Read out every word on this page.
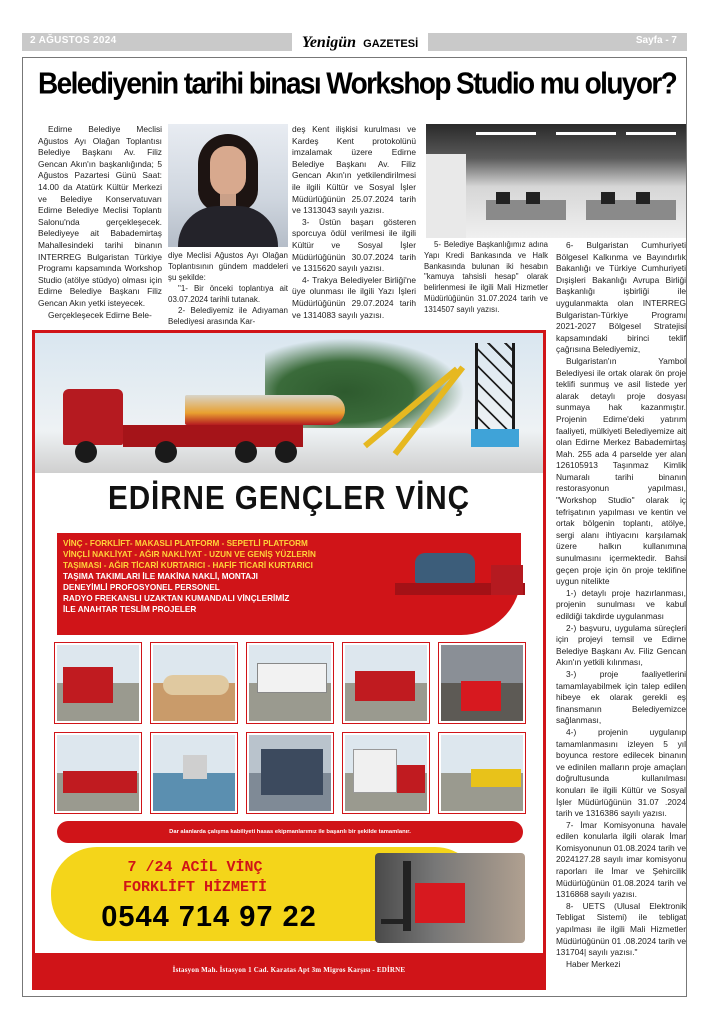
2 AĞUSTOS 2024	Sayfa - 7
Yenigün GAZETESİ
Belediyenin tarihi binası Workshop Studio mu oluyor?

Edirne Belediye Meclisi Ağustos Ayı Olağan Toplantısı Belediye Başkanı Av. Filiz Gencan Akın'ın başkanlığında; 5 Ağustos Pazartesi Günü Saat: 14.00 da Atatürk Kültür Merkezi ve Belediye Konservatuvarı Edirne Belediye Meclisi Toplantı Salonu'nda gerçekleşecek. Belediyeye ait Babademirtaş Mahallesindeki tarihi binanın INTERREG Bulgaristan Türkiye Programı kapsamında Workshop Studio (atölye stüdyo) olması için Edirne Belediye Başkanı Filiz Gencan Akın yetki isteyecek.

Gerçekleşecek Edirne Bele-

diye Meclisi Ağustos Ayı Olağan Toplantısının gündem maddeleri şu şekilde:

"1- Bir önceki toplantıya ait 03.07.2024 tarihli tutanak.

2- Belediyemiz ile Adıyaman Belediyesi arasında Kar-

deş Kent ilişkisi kurulması ve Kardeş Kent protokolünü imzalamak üzere Edirne Belediye Başkanı Av. Filiz Gencan Akın'ın yetkilendirilmesi ile ilgili Kültür ve Sosyal İşler Müdürlüğünün 25.07.2024 tarih ve 1313043 sayılı yazısı.

3- Üstün başarı gösteren sporcuya ödül verilmesi ile ilgili Kültür ve Sosyal İşler Müdürlüğünün 30.07.2024 tarih ve 1315620 sayılı yazısı.

4- Trakya Belediyeler Birliği'ne üye olunması ile ilgili Yazı İşleri Müdürlüğünün 29.07.2024 tarih ve 1314083 sayılı yazısı.

5- Belediye Başkanlığımız adına Yapı Kredi Bankasında ve Halk Bankasında bulunan iki hesabın "kamuya tahsisli hesap" olarak belirlenmesi ile ilgili Mali Hizmetler Müdürlüğünün 31.07.2024 tarih ve 1314507 sayılı yazısı.

6- Bulgaristan Cumhuriyeti Bölgesel Kalkınma ve Bayındırlık Bakanlığı ve Türkiye Cumhuriyeti Dışişleri Bakanlığı Avrupa Birliği Başkanlığı işbirliği ile uygulanmakta olan INTERREG Bulgaristan-Türkiye Programı 2021-2027 Bölgesel Stratejisi kapsamındaki birinci teklif çağrısına Belediyemiz,

Bulgaristan'ın Yambol Belediyesi ile ortak olarak ön proje teklifi sunmuş ve asil listede yer alarak detaylı proje dosyası sunmaya hak kazanmıştır. Projenin Edirne'deki yatırım faaliyeti, mülkiyeti Belediyemize ait olan Edirne Merkez Babademirtaş Mah. 255 ada 4 parselde yer alan 126105913 Taşınmaz Kimlik Numaralı tarihi binanın restorasyonun yapılması, "Workshop Studio" olarak iç tefrişatının yapılması ve kentin ve ortak bölgenin toplantı, atölye, sergi alanı ihtiyacını karşılamak üzere halkın kullanımına sunulmasını içermektedir. Bahsi geçen proje için ön proje teklifine uygun nitelikte

1-) detaylı proje hazırlanması, projenin sunulması ve kabul edildiği takdirde uygulanması

2-) başvuru, uygulama süreçleri için projeyi temsil ve Edirne Belediye Başkanı Av. Filiz Gencan Akın'ın yetkili kılınması,

3-) proje faaliyetlerini tamamlayabilmek için talep edilen hibeye ek olarak gerekli eş finansmanın Belediyemizce sağlanması,

4-) projenin uygulanıp tamamlanmasını izleyen 5 yıl boyunca restore edilecek binanın ve edinilen malların proje amaçları doğrultusunda kullanılması konuları ile ilgili Kültür ve Sosyal İşler Müdürlüğünün 31.07 .2024 tarih ve 1316386 sayılı yazısı.

7- İmar Komisyonuna havale edilen konularla ilgili olarak İmar Komisyonunun 01.08.2024 tarih ve 2024127.28 sayılı imar komisyonu raporları ile İmar ve Şehircilik Müdürlüğünün 01.08.2024 tarih ve 1316868 sayılı yazısı.

8- UETS (Ulusal Elektronik Tebligat Sistemi) ile tebligat yapılması ile ilgili Mali Hizmetler Müdürlüğünün 01 .08.2024 tarih ve 131704| sayılı yazısı."

Haber Merkezi

EDİRNE GENÇLER VİNÇ
VİNÇ - FORKLİFT- MAKASLI PLATFORM - SEPETLİ PLATFORM
VİNÇLİ NAKLİYAT - AĞIR NAKLİYAT - UZUN VE GENİŞ YÜZLERİN
TAŞIMASI - AĞIR TİCARİ KURTARICI - HAFİF TİCARİ KURTARICI
TAŞIMA TAKIMLARI İLE MAKİNA NAKLİ, MONTAJI
DENEYİMLİ PROFOSYONEL PERSONEL
RADYO FREKANSLI UZAKTAN KUMANDALI VİNÇLERİMİZ
İLE ANAHTAR TESLİM PROJELER
Dar alanlarda çalışma kabiliyeti hasas ekipmanlarımız ile başarılı bir şekilde tamamlanır.
7 /24 ACİL VİNÇ
FORKLİFT HİZMETİ
0544 714 97 22
İstasyon Mah. İstasyon 1 Cad. Karatas Apt 3m Migros Karşısı - EDİRNE
